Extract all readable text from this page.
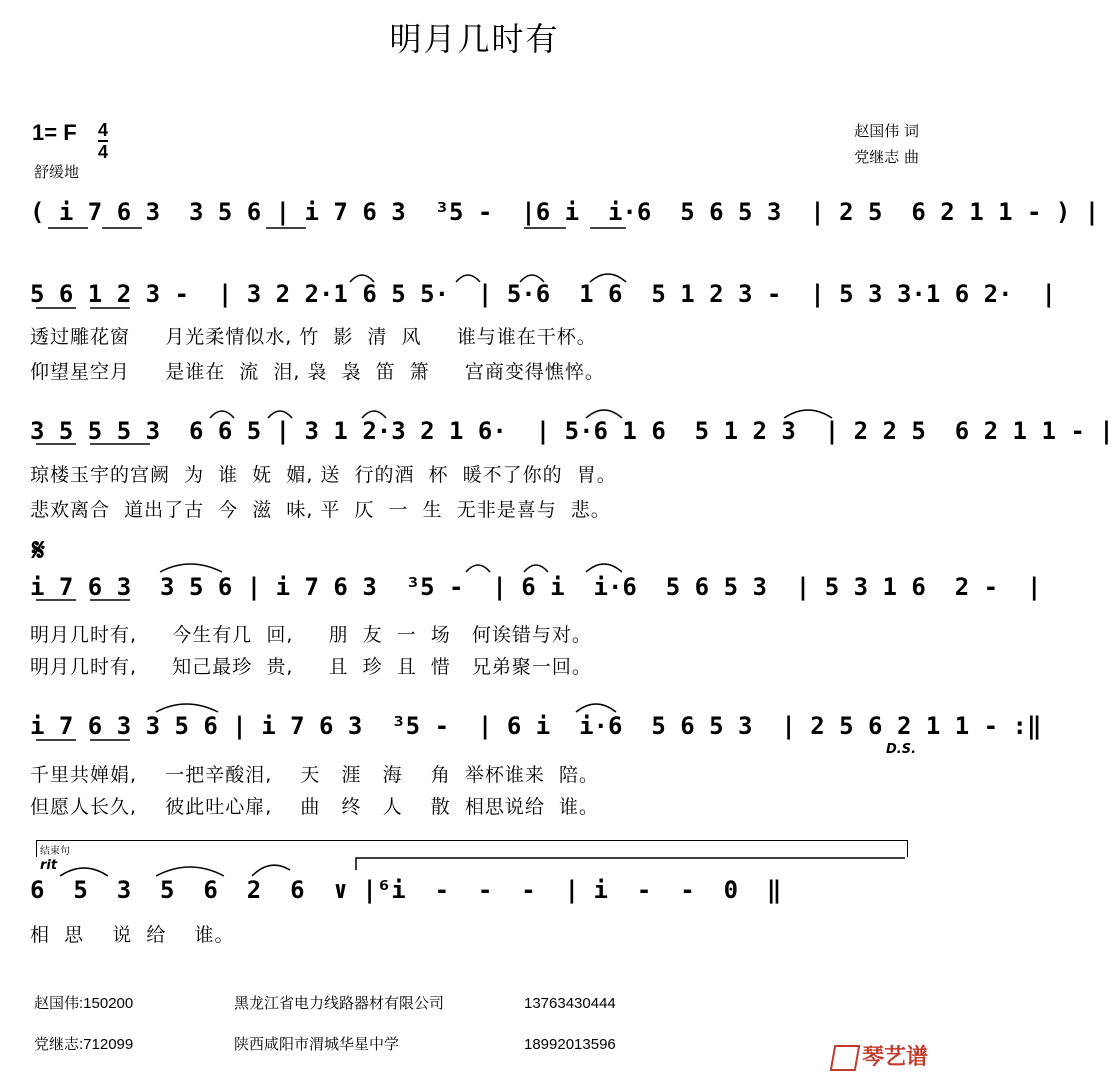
明月几时有
1= F 4
4
舒缓地
赵国伟 词
党继志 曲
( i 7 6 3  3 5 6 | i 7 6 3  ³5 -  |6 i  i·6  5 6 5 3  | 2 5  6 2 1 1 - ) |
5 6 1 2 3 -  | 3 2 2·1 6 5 5·  | 5·6  1 6  5 1 2 3 -  | 5 3 3·1 6 2·  |
透过雕花窗     月光柔情似水, 竹  影  清  风     谁与谁在干杯。
仰望星空月     是谁在  流  泪, 袅  袅  笛  箫     宫商变得憔悴。
3 5 5 5 3  6 6 5 | 3 1 2·3 2 1 6·  | 5·6 1 6  5 1 2 3  | 2 2 5  6 2 1 1 - |
琼楼玉宇的宫阙  为  谁  妩  媚, 送  行的酒  杯  暖不了你的  胃。
悲欢离合  道出了古  今  滋  味, 平  仄  一  生  无非是喜与  悲。
𝄋
i 7 6 3  3 5 6 | i 7 6 3  ³5 -  | 6 i  i·6  5 6 5 3  | 5 3 1 6  2 -  |
明月几时有,     今生有几  回,     朋  友  一  场   何诶错与对。
明月几时有,     知己最珍  贵,     且  珍  且  惜   兄弟聚一回。
i 7 6 3 3 5 6 | i 7 6 3  ³5 -  | 6 i  i·6  5 6 5 3  | 2 5 6 2 1 1 - :‖
D.S.
千里共婵娟,    一把辛酸泪,    天   涯   海    角  举杯谁来  陪。
但愿人长久,    彼此吐心扉,    曲   终   人    散  相思说给  谁。
结束句
rit
6  5  3  5  6  2  6  ∨ |⁶i  -  -  -  | i  -  -  0  ‖
相  思    说  给    谁。
赵国伟:150200	黑龙江省电力线路器材有限公司	13763430444
党继志:712099	陕西咸阳市渭城华星中学	18992013596
琴艺谱
